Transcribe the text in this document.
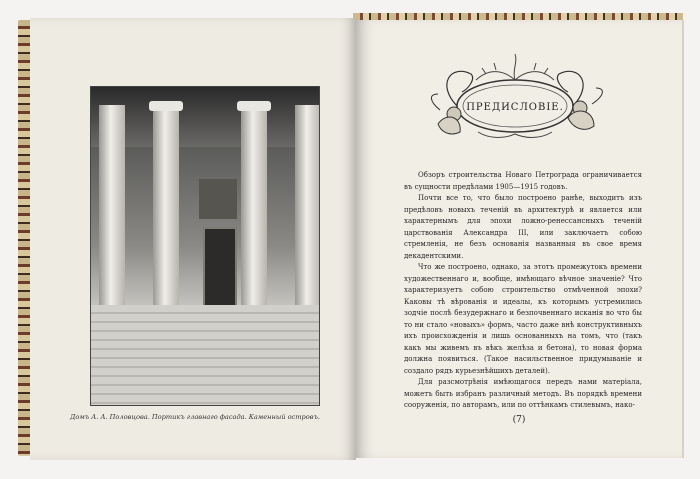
Домъ А. А. Половцова. Портикъ главнаго фасада. Каменный островъ.
ПРЕДИСЛОВІЕ.

Обзоръ строительства Новаго Петрограда ограничивается въ сущности предѣлами 1905—1915 годовъ.

Почти все то, что было построено ранѣе, выходитъ изъ предѣловъ новыхъ теченій въ архитектурѣ и является или характернымъ для эпохи ложно-ренессансныхъ теченій царствованія Александра III, или заключаетъ собою стремленія, не безъ основанія названныя въ свое время декадентскими.

Что же построено, однако, за этотъ промежутокъ времени художественнаго и, вообще, имѣющаго вѣчное значеніе? Что характеризуетъ собою строительство отмѣченной эпохи? Каковы тѣ вѣрованія и идеалы, къ которымъ устремились зодчіе послѣ безудержнаго и безпочвеннаго исканія во что бы то ни стало «новыхъ» формъ, часто даже внѣ конструктивныхъ ихъ происхожденія и лишь основанныхъ на томъ, что (такъ какъ мы живемъ въ вѣкъ желѣза и бетона), то новая форма должна появиться. (Такое насильственное придумываніе и создало рядъ курьезнѣйшихъ деталей).

Для разсмотрѣнія имѣющагося передъ нами матеріала, можетъ быть избранъ различный методъ. Въ порядкѣ времени сооруженія, по авторамъ, или по оттѣнкамъ стилевымъ, нако-

(7)
